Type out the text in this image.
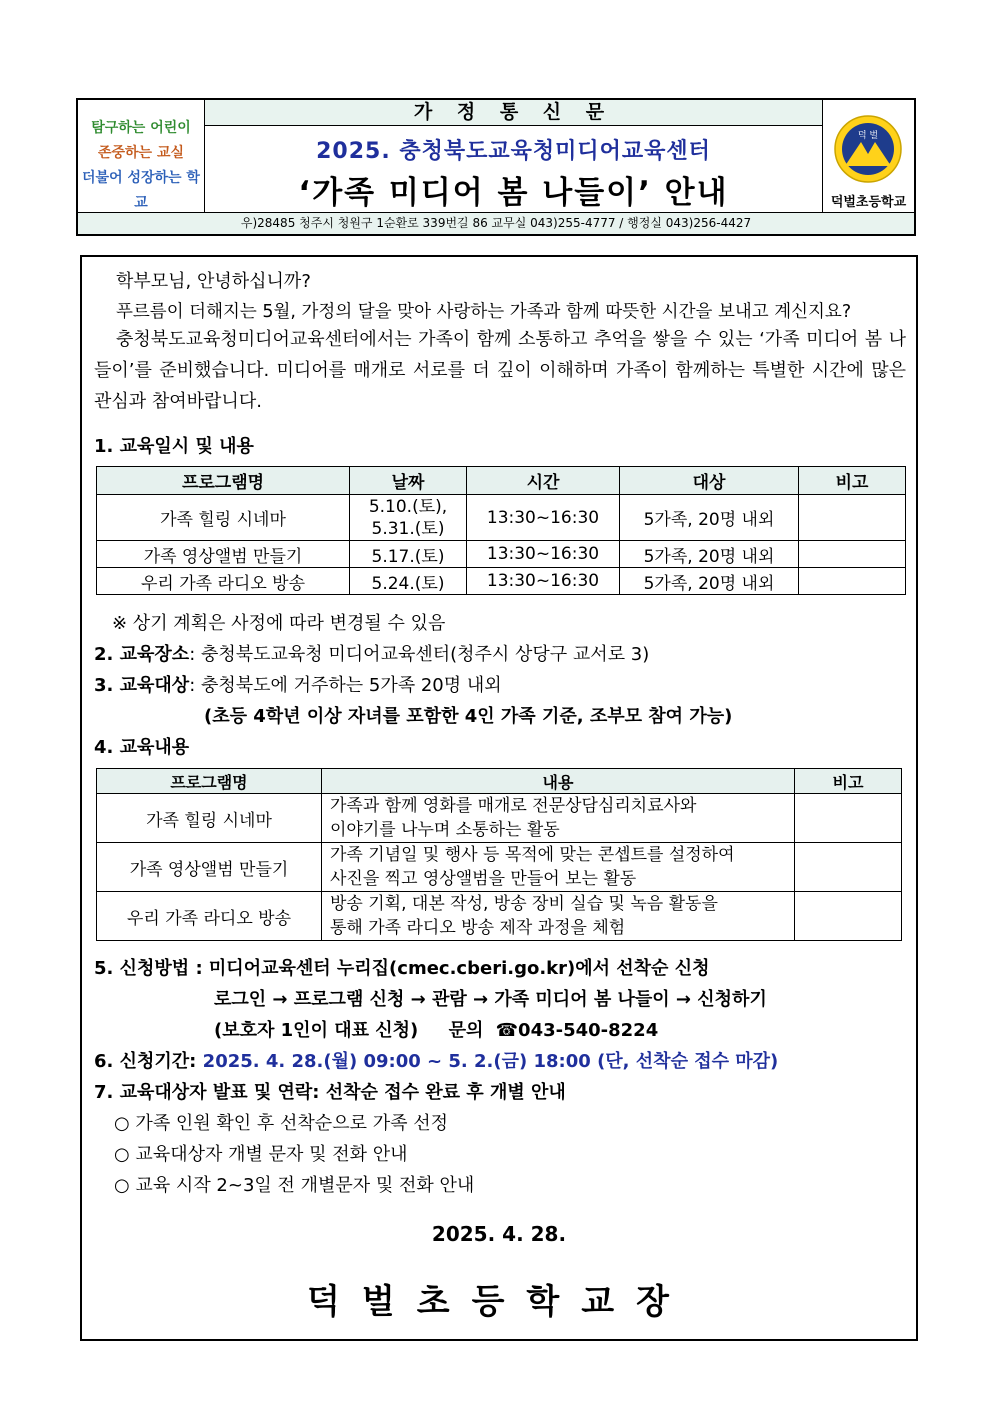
탐구하는 어린이
존중하는 교실
더불어 성장하는 학교
가 정 통 신 문
2025. 충청북도교육청미디어교육센터
‘가족 미디어 봄 나들이’ 안내
덕 벌
덕벌초등학교
우)28485 청주시 청원구 1순환로 339번길 86 교무실 043)255-4777 / 행정실 043)256-4427
학부모님, 안녕하십니까?
푸르름이 더해지는 5월, 가정의 달을 맞아 사랑하는 가족과 함께 따뜻한 시간을 보내고 계신지요?
충청북도교육청미디어교육센터에서는 가족이 함께 소통하고 추억을 쌓을 수 있는 ‘가족 미디어 봄 나들이’를 준비했습니다. 미디어를 매개로 서로를 더 깊이 이해하며 가족이 함께하는 특별한 시간에 많은 관심과 참여바랍니다.
1. 교육일시 및 내용
프로그램명	날짜	시간	대상	비고
가족 힐링 시네마	5.10.(토),
5.31.(토)	13:30~16:30	5가족, 20명 내외	
가족 영상앨범 만들기	5.17.(토)	13:30~16:30	5가족, 20명 내외	
우리 가족 라디오 방송	5.24.(토)	13:30~16:30	5가족, 20명 내외	
※ 상기 계획은 사정에 따라 변경될 수 있음
2. 교육장소: 충청북도교육청 미디어교육센터(청주시 상당구 교서로 3)
3. 교육대상: 충청북도에 거주하는 5가족 20명 내외
(초등 4학년 이상 자녀를 포함한 4인 가족 기준, 조부모 참여 가능)
4. 교육내용
프로그램명	내용	비고
가족 힐링 시네마	가족과 함께 영화를 매개로 전문상담심리치료사와
이야기를 나누며 소통하는 활동	

가족 영상앨범 만들기	가족 기념일 및 행사 등 목적에 맞는 콘셉트를 설정하여
사진을 찍고 영상앨범을 만들어 보는 활동	

우리 가족 라디오 방송	방송 기획, 대본 작성, 방송 장비 실습 및 녹음 활동을
통해 가족 라디오 방송 제작 과정을 체험	

5. 신청방법 : 미디어교육센터 누리집(cmec.cberi.go.kr)에서 선착순 신청
로그인 → 프로그램 신청 → 관람 → 가족 미디어 봄 나들이 → 신청하기
(보호자 1인이 대표 신청) 문의 ☎043-540-8224
6. 신청기간: 2025. 4. 28.(월) 09:00 ~ 5. 2.(금) 18:00 (단, 선착순 접수 마감)
7. 교육대상자 발표 및 연락: 선착순 접수 완료 후 개별 안내
○ 가족 인원 확인 후 선착순으로 가족 선정
○ 교육대상자 개별 문자 및 전화 안내
○ 교육 시작 2~3일 전 개별문자 및 전화 안내
2025. 4. 28.
덕벌초등학교장
